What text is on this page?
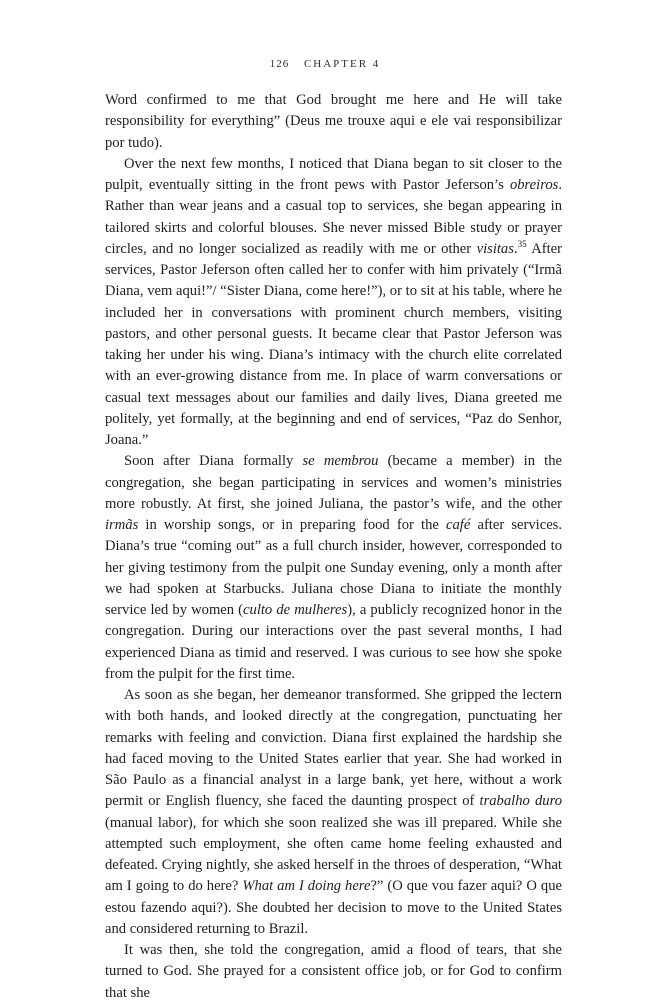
126 CHAPTER 4

Word confirmed to me that God brought me here and He will take responsibility for everything” (Deus me trouxe aqui e ele vai responsibilizar por tudo).

Over the next few months, I noticed that Diana began to sit closer to the pulpit, eventually sitting in the front pews with Pastor Jeferson’s obreiros. Rather than wear jeans and a casual top to services, she began appearing in tailored skirts and colorful blouses. She never missed Bible study or prayer circles, and no longer socialized as readily with me or other visitas.$^{35}$ After services, Pastor Jeferson often called her to confer with him privately (“Irmã Diana, vem aqui!”/ “Sister Diana, come here!”), or to sit at his table, where he included her in conversations with prominent church members, visiting pastors, and other personal guests. It became clear that Pastor Jeferson was taking her under his wing. Diana’s intimacy with the church elite correlated with an ever-growing distance from me. In place of warm conversations or casual text messages about our families and daily lives, Diana greeted me politely, yet formally, at the beginning and end of services, “Paz do Senhor, Joana.”

Soon after Diana formally se membrou (became a member) in the congregation, she began participating in services and women’s ministries more robustly. At first, she joined Juliana, the pastor’s wife, and the other irmãs in worship songs, or in preparing food for the café after services. Diana’s true “coming out” as a full church insider, however, corresponded to her giving testimony from the pulpit one Sunday evening, only a month after we had spoken at Starbucks. Juliana chose Diana to initiate the monthly service led by women (culto de mulheres), a publicly recognized honor in the congregation. During our interactions over the past several months, I had experienced Diana as timid and reserved. I was curious to see how she spoke from the pulpit for the first time.

As soon as she began, her demeanor transformed. She gripped the lectern with both hands, and looked directly at the congregation, punctuating her remarks with feeling and conviction. Diana first explained the hardship she had faced moving to the United States earlier that year. She had worked in São Paulo as a financial analyst in a large bank, yet here, without a work permit or English fluency, she faced the daunting prospect of trabalho duro (manual labor), for which she soon realized she was ill prepared. While she attempted such employment, she often came home feeling exhausted and defeated. Crying nightly, she asked herself in the throes of desperation, “What am I going to do here? What am I doing here?” (O que vou fazer aqui? O que estou fazendo aqui?). She doubted her decision to move to the United States and considered returning to Brazil.

It was then, she told the congregation, amid a flood of tears, that she turned to God. She prayed for a consistent office job, or for God to confirm that she
